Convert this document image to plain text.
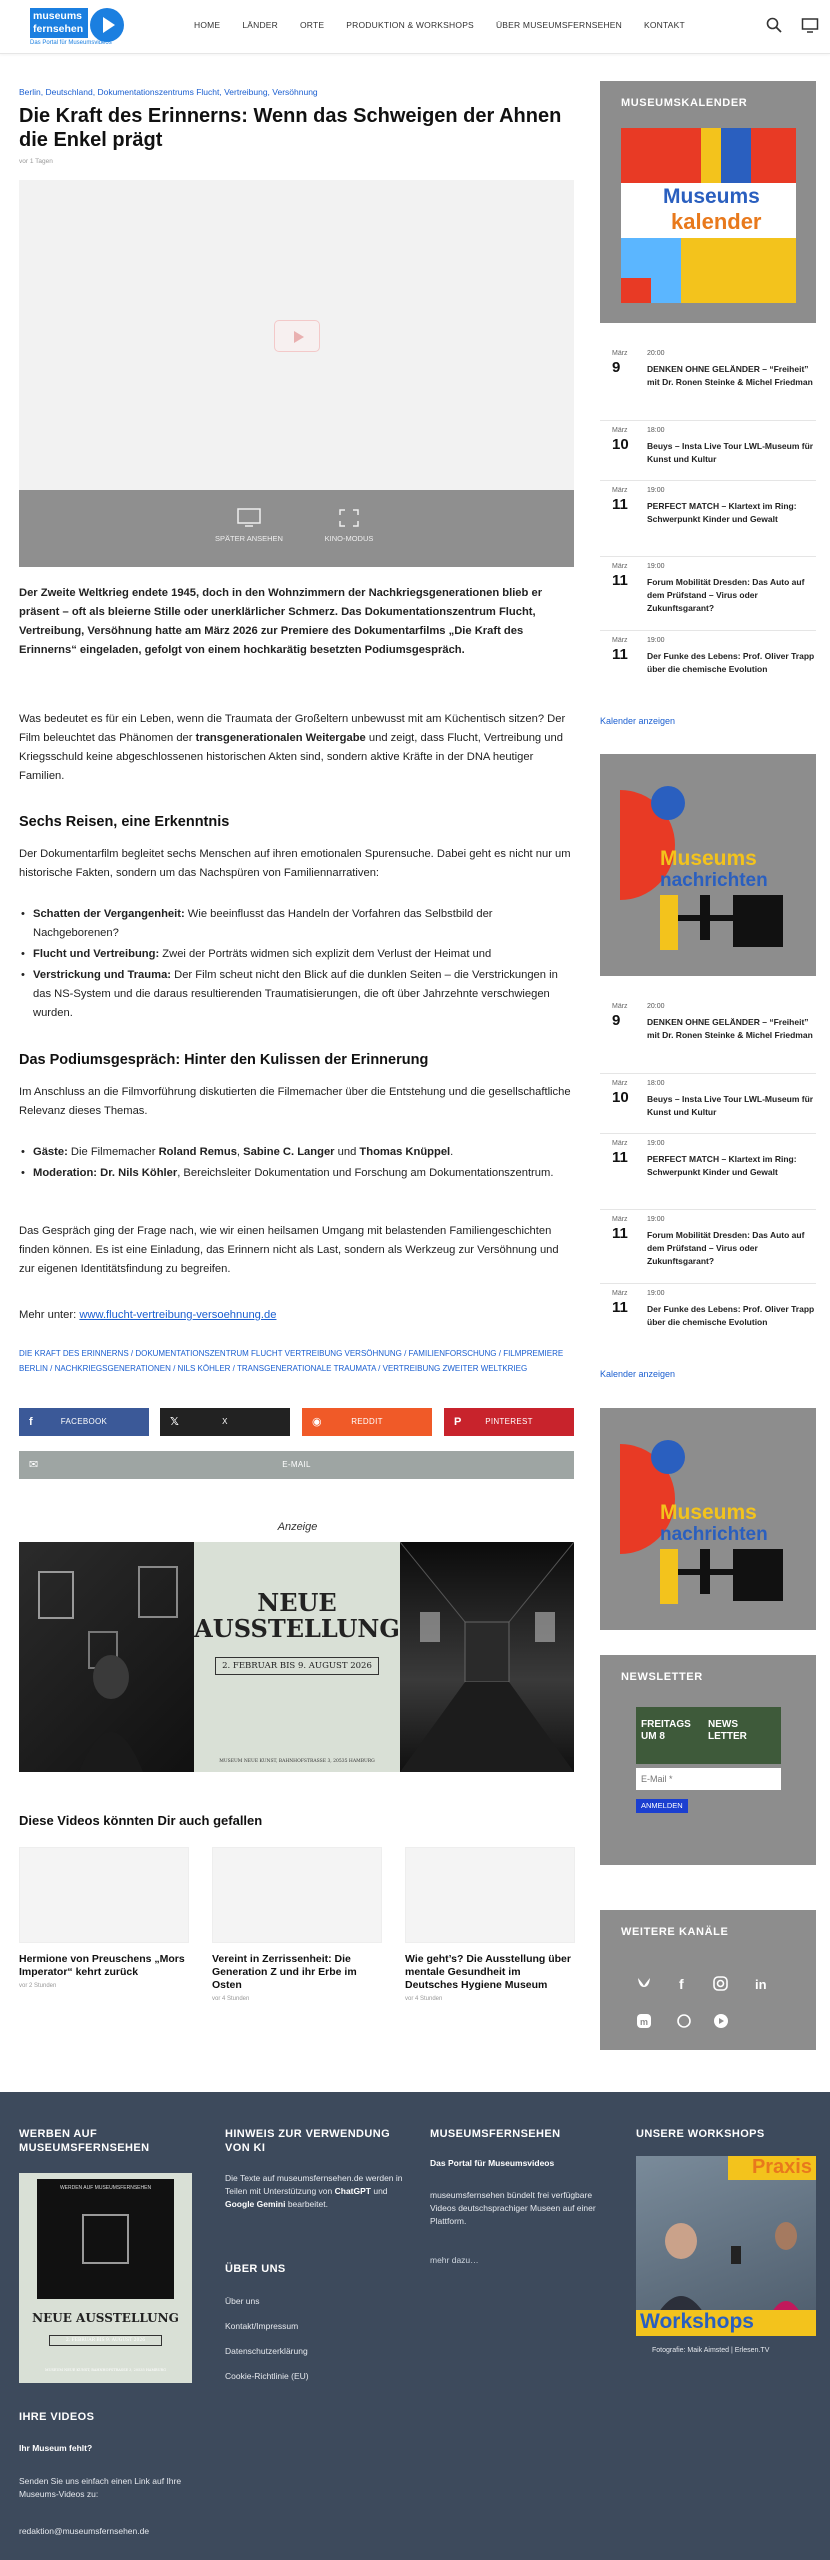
museums
fernsehen
Das Portal für Museumsvideos
HOME	LÄNDER	ORTE	PRODUKTION & WORKSHOPS	ÜBER MUSEUMSFERNSEHEN	KONTAKT
Berlin, Deutschland, Dokumentationszentrums Flucht, Vertreibung, Versöhnung
Die Kraft des Erinnerns: Wenn das Schweigen der Ahnen die Enkel prägt
vor 1 Tagen
SPÄTER ANSEHEN	KINO-MODUS
Der Zweite Weltkrieg endete 1945, doch in den Wohnzimmern der Nachkriegsgenerationen blieb er präsent – oft als bleierne Stille oder unerklärlicher Schmerz. Das Dokumentationszentrum Flucht, Vertreibung, Versöhnung hatte am März 2026 zur Premiere des Dokumentarfilms „Die Kraft des Erinnerns“ eingeladen, gefolgt von einem hochkarätig besetzten Podiumsgespräch.
Was bedeutet es für ein Leben, wenn die Traumata der Großeltern unbewusst mit am Küchentisch sitzen? Der Film beleuchtet das Phänomen der transgenerationalen Weitergabe und zeigt, dass Flucht, Vertreibung und Kriegsschuld keine abgeschlossenen historischen Akten sind, sondern aktive Kräfte in der DNA heutiger Familien.
Sechs Reisen, eine Erkenntnis
Der Dokumentarfilm begleitet sechs Menschen auf ihren emotionalen Spurensuche. Dabei geht es nicht nur um historische Fakten, sondern um das Nachspüren von Familiennarrativen:
• Schatten der Vergangenheit: Wie beeinflusst das Handeln der Vorfahren das Selbstbild der Nachgeborenen?
• Flucht und Vertreibung: Zwei der Porträts widmen sich explizit dem Verlust der Heimat und
• Verstrickung und Trauma: Der Film scheut nicht den Blick auf die dunklen Seiten – die Verstrickungen in das NS-System und die daraus resultierenden Traumatisierungen, die oft über Jahrzehnte verschwiegen wurden.
Das Podiumsgespräch: Hinter den Kulissen der Erinnerung
Im Anschluss an die Filmvorführung diskutierten die Filmemacher über die Entstehung und die gesellschaftliche Relevanz dieses Themas.
• Gäste: Die Filmemacher Roland Remus, Sabine C. Langer und Thomas Knüppel.
• Moderation: Dr. Nils Köhler, Bereichsleiter Dokumentation und Forschung am Dokumentationszentrum.
Das Gespräch ging der Frage nach, wie wir einen heilsamen Umgang mit belastenden Familiengeschichten finden können. Es ist eine Einladung, das Erinnern nicht als Last, sondern als Werkzeug zur Versöhnung und zur eigenen Identitätsfindung zu begreifen.
Mehr unter: www.flucht-vertreibung-versoehnung.de
DIE KRAFT DES ERINNERNS / DOKUMENTATIONSZENTRUM FLUCHT VERTREIBUNG VERSÖHNUNG / FAMILIENFORSCHUNG / FILMPREMIERE BERLIN / NACHKRIEGSGENERATIONEN / NILS KÖHLER / TRANSGENERATIONALE TRAUMATA / VERTREIBUNG ZWEITER WELTKRIEG
f	FACEBOOK	𝕏	X	◉	REDDIT	P	PINTEREST
✉	E-MAIL
Anzeige
NEUE AUSSTELLUNG
2. FEBRUAR BIS 9. AUGUST 2026
MUSEUM NEUE KUNST, BAHNHOFSTRASSE 3, 20535 HAMBURG
Diese Videos könnten Dir auch gefallen
Hermione von Preuschens „Mors Imperator“ kehrt zurück
vor 2 Stunden
Vereint in Zerrissenheit: Die Generation Z und ihr Erbe im Osten
vor 4 Stunden
Wie geht’s? Die Ausstellung über mentale Gesundheit im Deutsches Hygiene Museum
vor 4 Stunden
MUSEUMSKALENDER
Museums
kalender
März
9
20:00
DENKEN OHNE GELÄNDER – “Freiheit” mit Dr. Ronen Steinke & Michel Friedman
März
10
18:00
Beuys – Insta Live Tour LWL-Museum für Kunst und Kultur
März
11
19:00
PERFECT MATCH – Klartext im Ring: Schwerpunkt Kinder und Gewalt
März
11
19:00
Forum Mobilität Dresden: Das Auto auf dem Prüfstand – Virus oder Zukunftsgarant?
März
11
19:00
Der Funke des Lebens: Prof. Oliver Trapp über die chemische Evolution
Kalender anzeigen
Museums
nachrichten
März
9
20:00
DENKEN OHNE GELÄNDER – “Freiheit” mit Dr. Ronen Steinke & Michel Friedman
März
10
18:00
Beuys – Insta Live Tour LWL-Museum für Kunst und Kultur
März
11
19:00
PERFECT MATCH – Klartext im Ring: Schwerpunkt Kinder und Gewalt
März
11
19:00
Forum Mobilität Dresden: Das Auto auf dem Prüfstand – Virus oder Zukunftsgarant?
März
11
19:00
Der Funke des Lebens: Prof. Oliver Trapp über die chemische Evolution
Kalender anzeigen
Museums
nachrichten
NEWSLETTER
FREITAGS
UM 8
NEWS
LETTER
E-Mail *
ANMELDEN
WEITERE KANÄLE
f	in
m
WERBEN AUF MUSEUMSFERNSEHEN
WERDEN AUF MUSEUMSFERNSEHEN
NEUE AUSSTELLUNG
2. FEBRUAR BIS 9. AUGUST 2026
MUSEUM NEUE KUNST, BAHNHOFSTRASSE 3, 20535 HAMBURG
HINWEIS ZUR VERWENDUNG VON KI
Die Texte auf museumsfernsehen.de werden in Teilen mit Unterstützung von ChatGPT und Google Gemini bearbeitet.
ÜBER UNS
Über uns
Kontakt/Impressum
Datenschutzerklärung
Cookie-Richtlinie (EU)
MUSEUMSFERNSEHEN
Das Portal für Museumsvideos
museumsfernsehen bündelt frei verfügbare Videos deutschsprachiger Museen auf einer Plattform.
mehr dazu…
UNSERE WORKSHOPS
Praxis
Workshops
Fotografie: Maik Aimsted | Erlesen.TV
IHRE VIDEOS
Ihr Museum fehlt?
Senden Sie uns einfach einen Link auf Ihre Museums-Videos zu:
redaktion@museumsfernsehen.de
